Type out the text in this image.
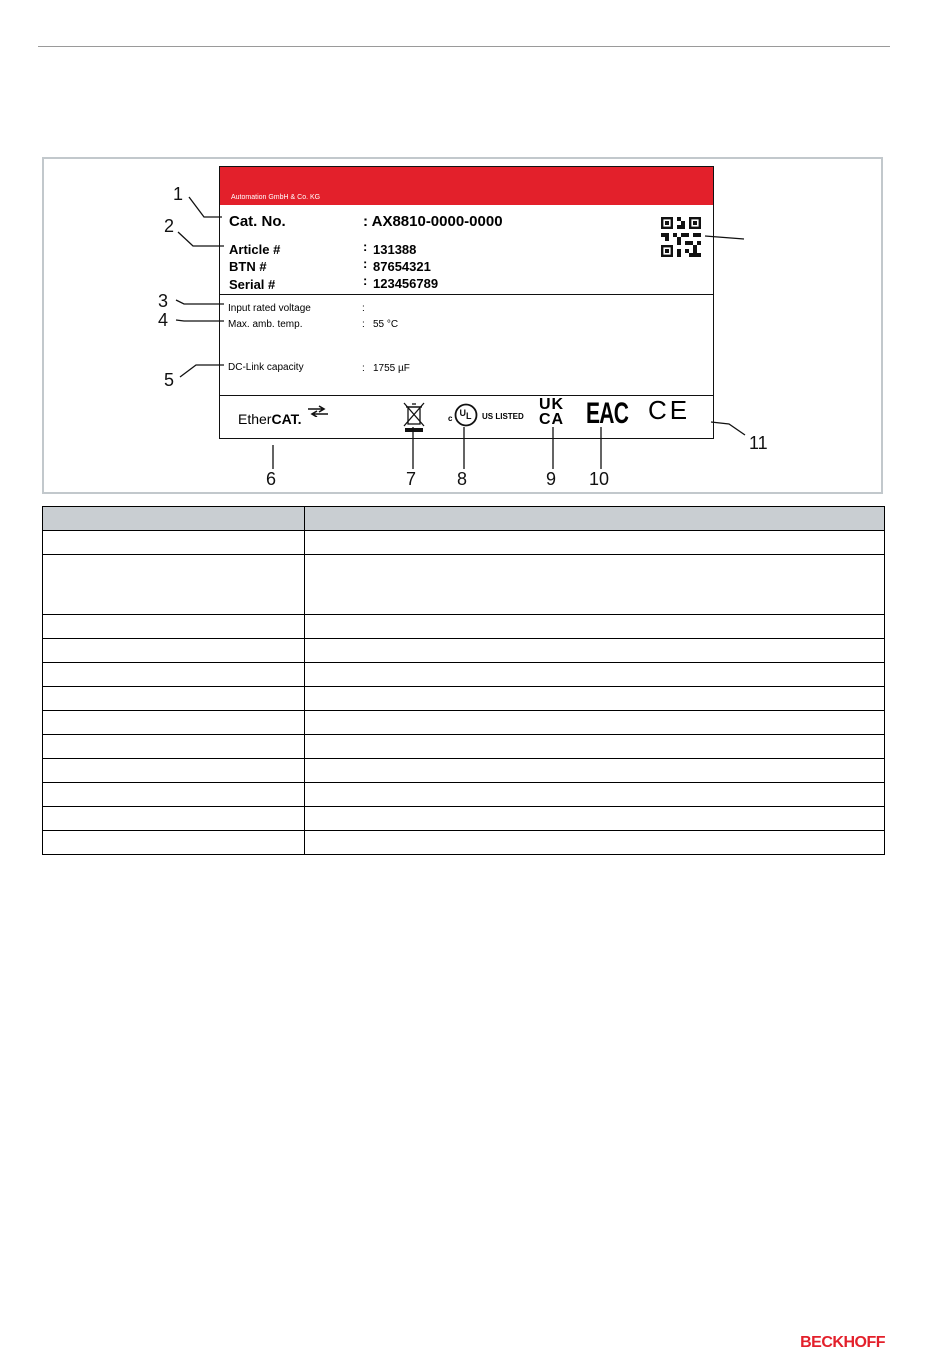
Automation GmbH & Co. KG
Cat. No.	: AX8810-0000-0000
Article #	: 131388
BTN #	: 87654321
Serial #	: 123456789
Input rated voltage	:
Max. amb. temp.	: 55 °C
DC-Link capacity	: 1755 µF
EtherCAT.	c
U L US LISTED
UK
CA EAC CE
1
2
3
4
5
6	7 8	9 10
11

BECKHOFF
